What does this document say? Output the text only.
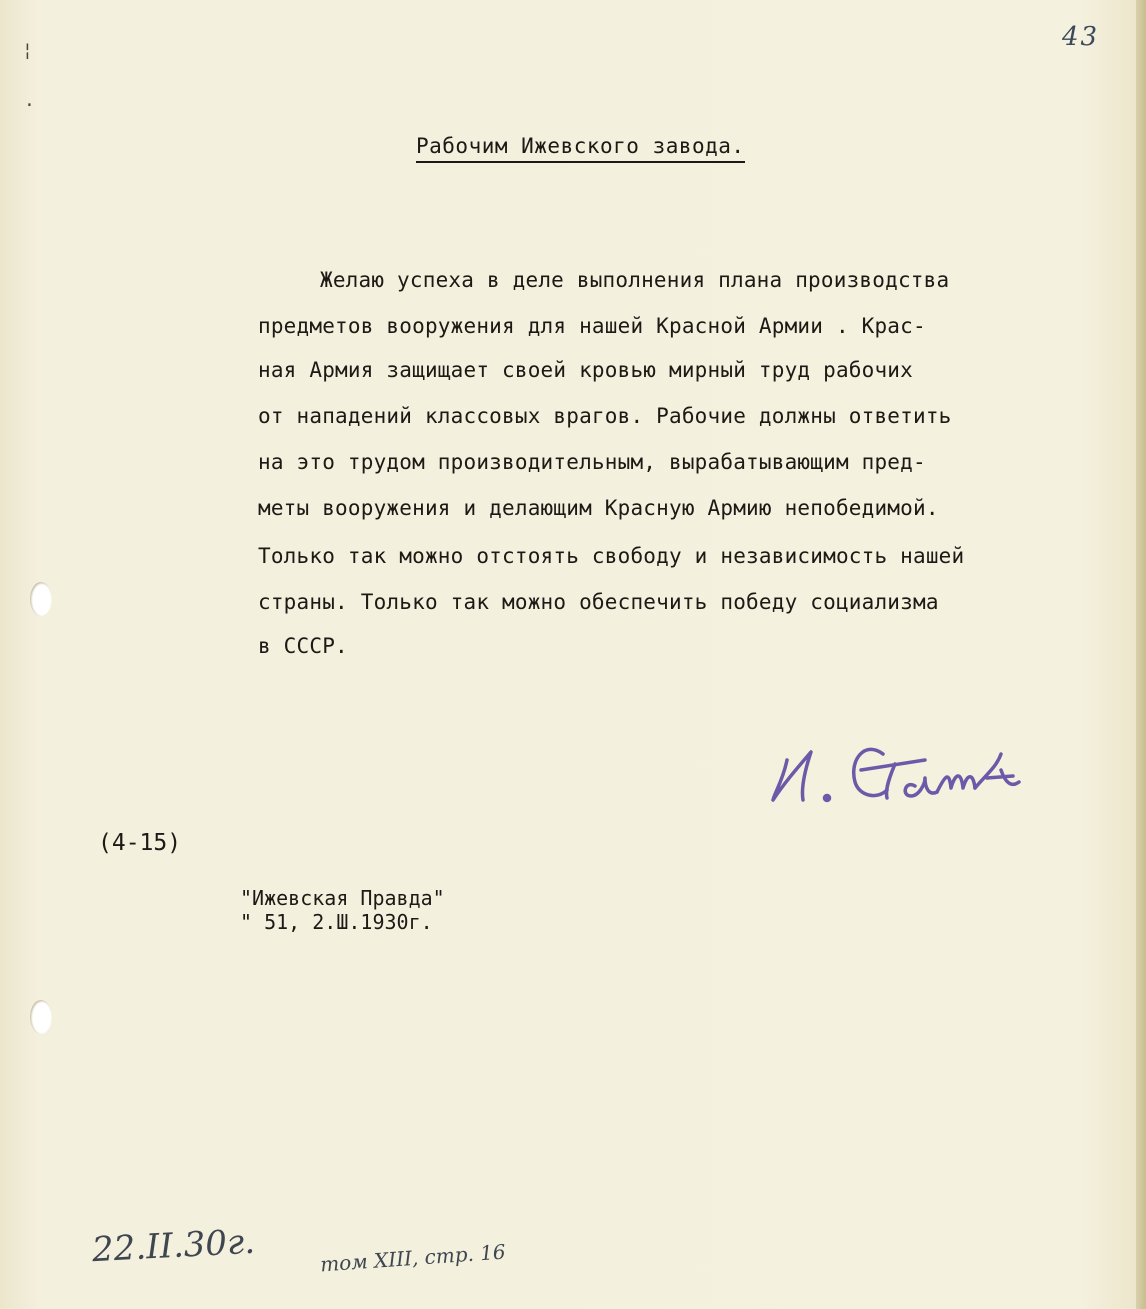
¦
·
43
Рабочим Ижевского завода.
Желаю успеха в деле выполнения плана производства
предметов вооружения для нашей Красной Армии . Крас-
ная Армия защищает своей кровью мирный труд рабочих
от нападений классовых врагов. Рабочие должны ответить
на это трудом производительным, вырабатывающим пред-
меты вооружения и делающим Красную Армию непобедимой.
Только так можно отстоять свободу и независимость нашей
страны. Только так можно обеспечить победу социализма
в СССР.
(4-15)
"Ижевская Правда"
" 51, 2.Ш.1930г.
22.II.30г.	том XIII, стр. 16
